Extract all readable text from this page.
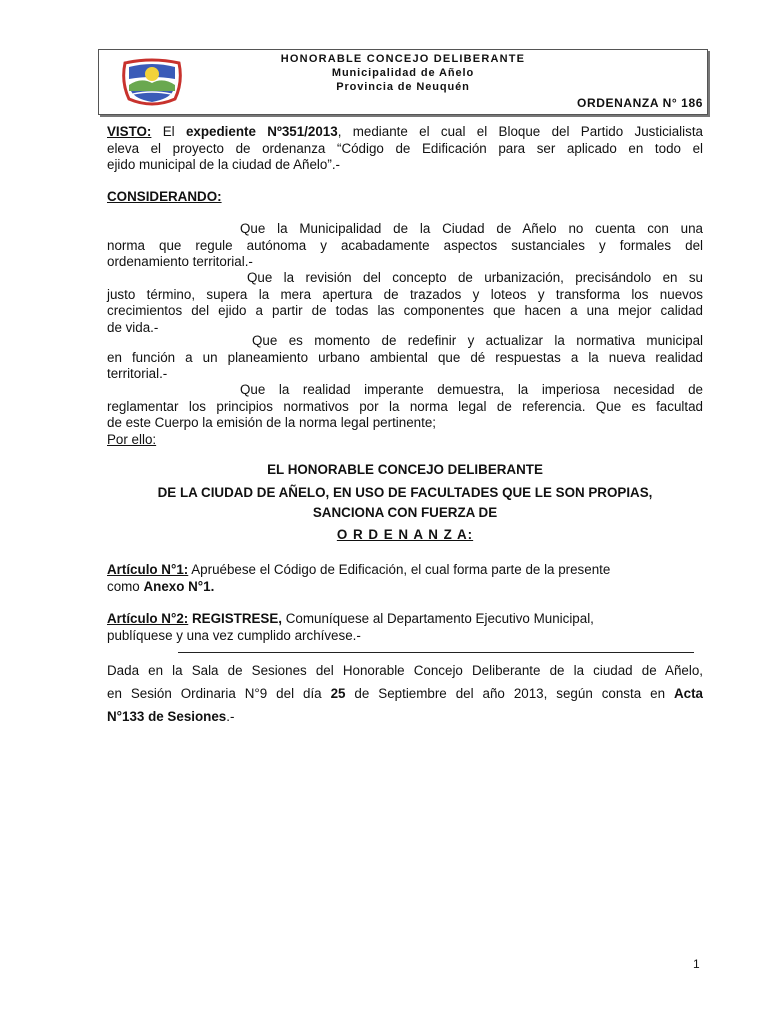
HONORABLE CONCEJO DELIBERANTE
Municipalidad de Añelo
Provincia de Neuquén
ORDENANZA N° 186
VISTO: El expediente Nº351/2013, mediante el cual el Bloque del Partido Justicialista
eleva el proyecto de ordenanza “Código de Edificación para ser aplicado en todo el
ejido municipal de la ciudad de Añelo”.-
CONSIDERANDO:
Que la Municipalidad de la Ciudad de Añelo no cuenta con una
norma que regule autónoma y acabadamente aspectos sustanciales y formales del
ordenamiento territorial.-
Que la revisión del concepto de urbanización, precisándolo en su
justo término, supera la mera apertura de trazados y loteos y transforma los nuevos
crecimientos del ejido a partir de todas las componentes que hacen a una mejor calidad
de vida.-
Que es momento de redefinir y actualizar la normativa municipal
en función a un planeamiento urbano ambiental que dé respuestas a la nueva realidad
territorial.-
Que la realidad imperante demuestra, la imperiosa necesidad de
reglamentar los principios normativos por la norma legal de referencia. Que es facultad
de este Cuerpo la emisión de la norma legal pertinente;
Por ello:
EL HONORABLE CONCEJO DELIBERANTE
DE LA CIUDAD DE AÑELO, EN USO DE FACULTADES QUE LE SON PROPIAS,
SANCIONA CON FUERZA DE
O R D E N A N Z A:
Artículo N°1: Apruébese el Código de Edificación, el cual forma parte de la presente
como Anexo N°1.
Artículo N°2: REGISTRESE, Comuníquese al Departamento Ejecutivo Municipal,
publíquese y una vez cumplido archívese.-
Dada en la Sala de Sesiones del Honorable Concejo Deliberante de la ciudad de Añelo,
en Sesión Ordinaria N°9 del día 25 de Septiembre del año 2013, según consta en Acta
N°133 de Sesiones.-
1
